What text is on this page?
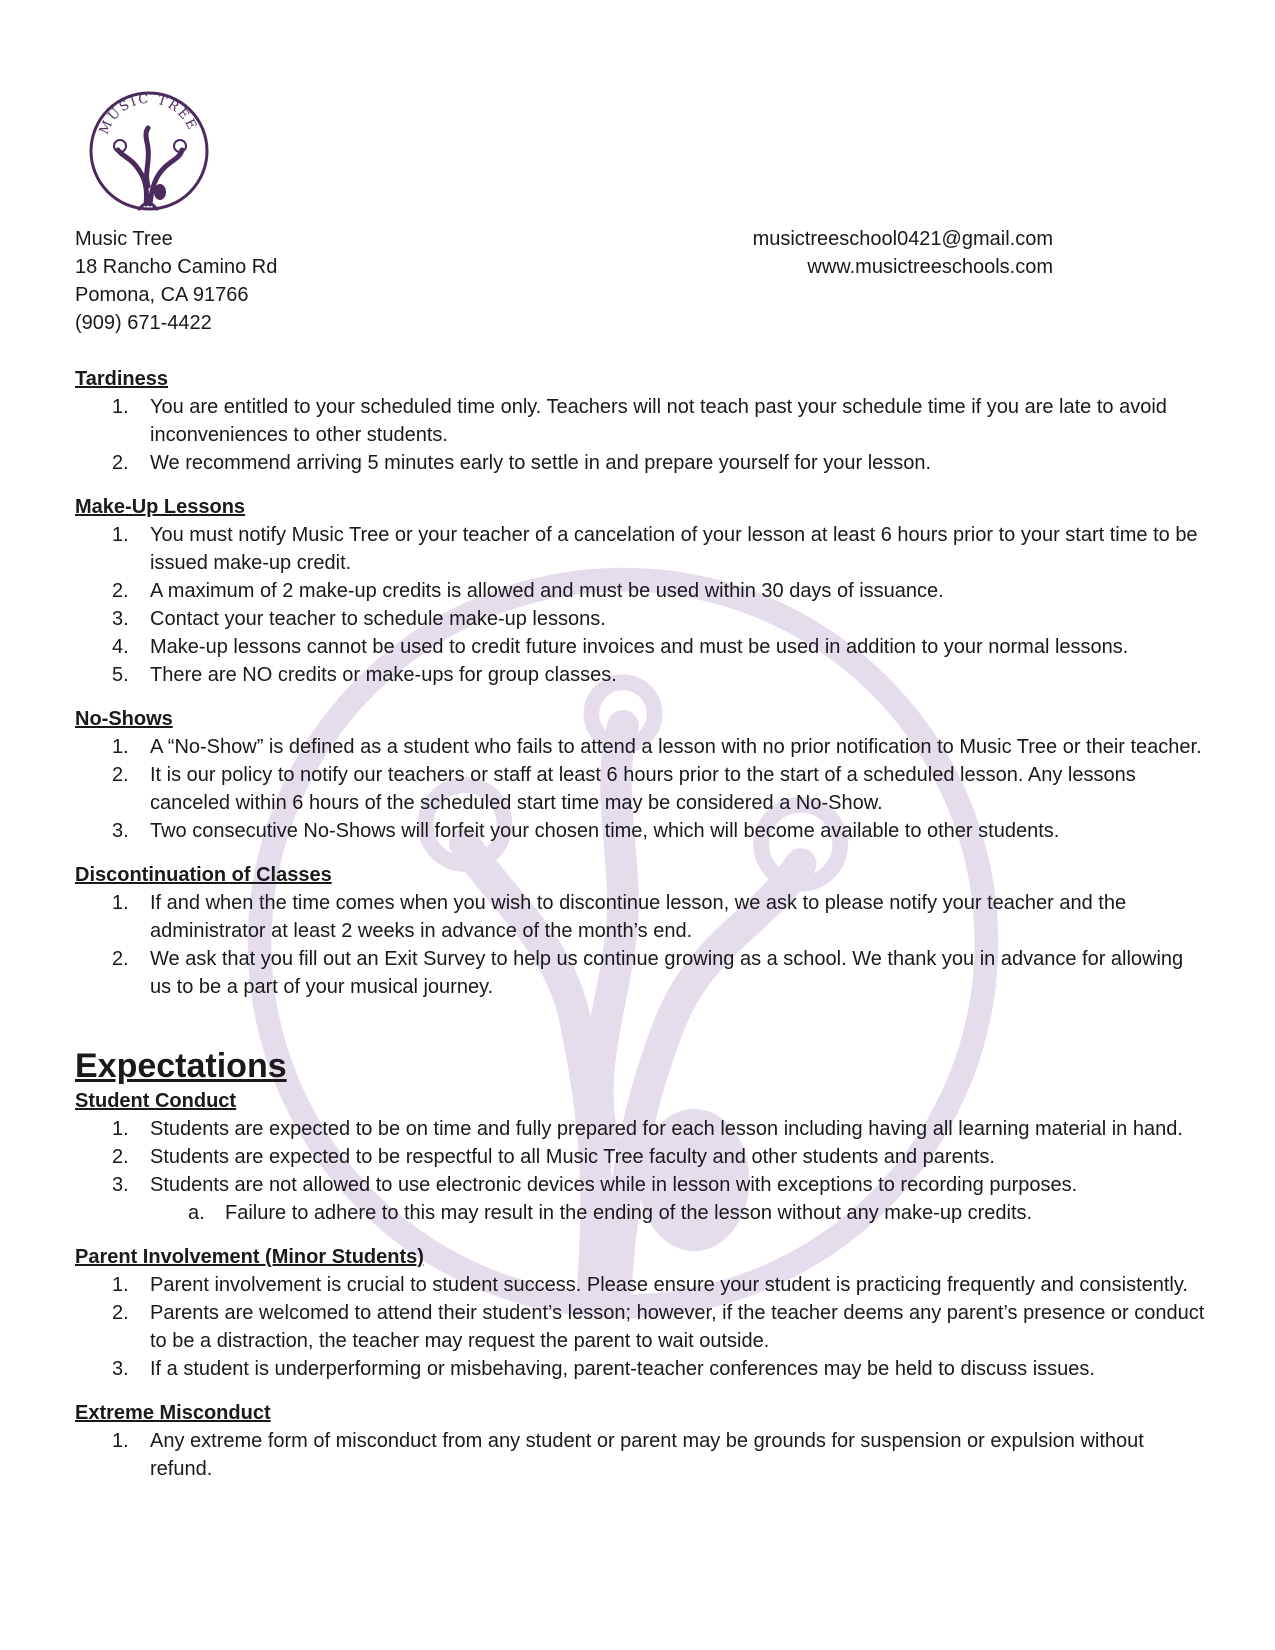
MUSIC TREE
Music Tree
18 Rancho Camino Rd
Pomona, CA 91766
(909) 671-4422
musictreeschool0421@gmail.com
www.musictreeschools.com

Tardiness

1.	You are entitled to your scheduled time only. Teachers will not teach past your schedule time if you are late to avoid inconveniences to other students.
2.	We recommend arriving 5 minutes early to settle in and prepare yourself for your lesson.

Make-Up Lessons

1.	You must notify Music Tree or your teacher of a cancelation of your lesson at least 6 hours prior to your start time to be issued make-up credit.
2.	A maximum of 2 make-up credits is allowed and must be used within 30 days of issuance.
3.	Contact your teacher to schedule make-up lessons.
4.	Make-up lessons cannot be used to credit future invoices and must be used in addition to your normal lessons.
5.	There are NO credits or make-ups for group classes.

No-Shows

1.	A “No-Show” is defined as a student who fails to attend a lesson with no prior notification to Music Tree or their teacher.
2.	It is our policy to notify our teachers or staff at least 6 hours prior to the start of a scheduled lesson. Any lessons canceled within 6 hours of the scheduled start time may be considered a No-Show.
3.	Two consecutive No-Shows will forfeit your chosen time, which will become available to other students.

Discontinuation of Classes

1.	If and when the time comes when you wish to discontinue lesson, we ask to please notify your teacher and the administrator at least 2 weeks in advance of the month’s end.
2.	We ask that you fill out an Exit Survey to help us continue growing as a school. We thank you in advance for allowing us to be a part of your musical journey.
Expectations

Student Conduct

1.	Students are expected to be on time and fully prepared for each lesson including having all learning material in hand.
2.	Students are expected to be respectful to all Music Tree faculty and other students and parents.
3.	Students are not allowed to use electronic devices while in lesson with exceptions to recording purposes.
a.	Failure to adhere to this may result in the ending of the lesson without any make-up credits.

Parent Involvement (Minor Students)

1.	Parent involvement is crucial to student success. Please ensure your student is practicing frequently and consistently.
2.	Parents are welcomed to attend their student’s lesson; however, if the teacher deems any parent’s presence or conduct to be a distraction, the teacher may request the parent to wait outside.
3.	If a student is underperforming or misbehaving, parent-teacher conferences may be held to discuss issues.

Extreme Misconduct

1.	Any extreme form of misconduct from any student or parent may be grounds for suspension or expulsion without refund.
